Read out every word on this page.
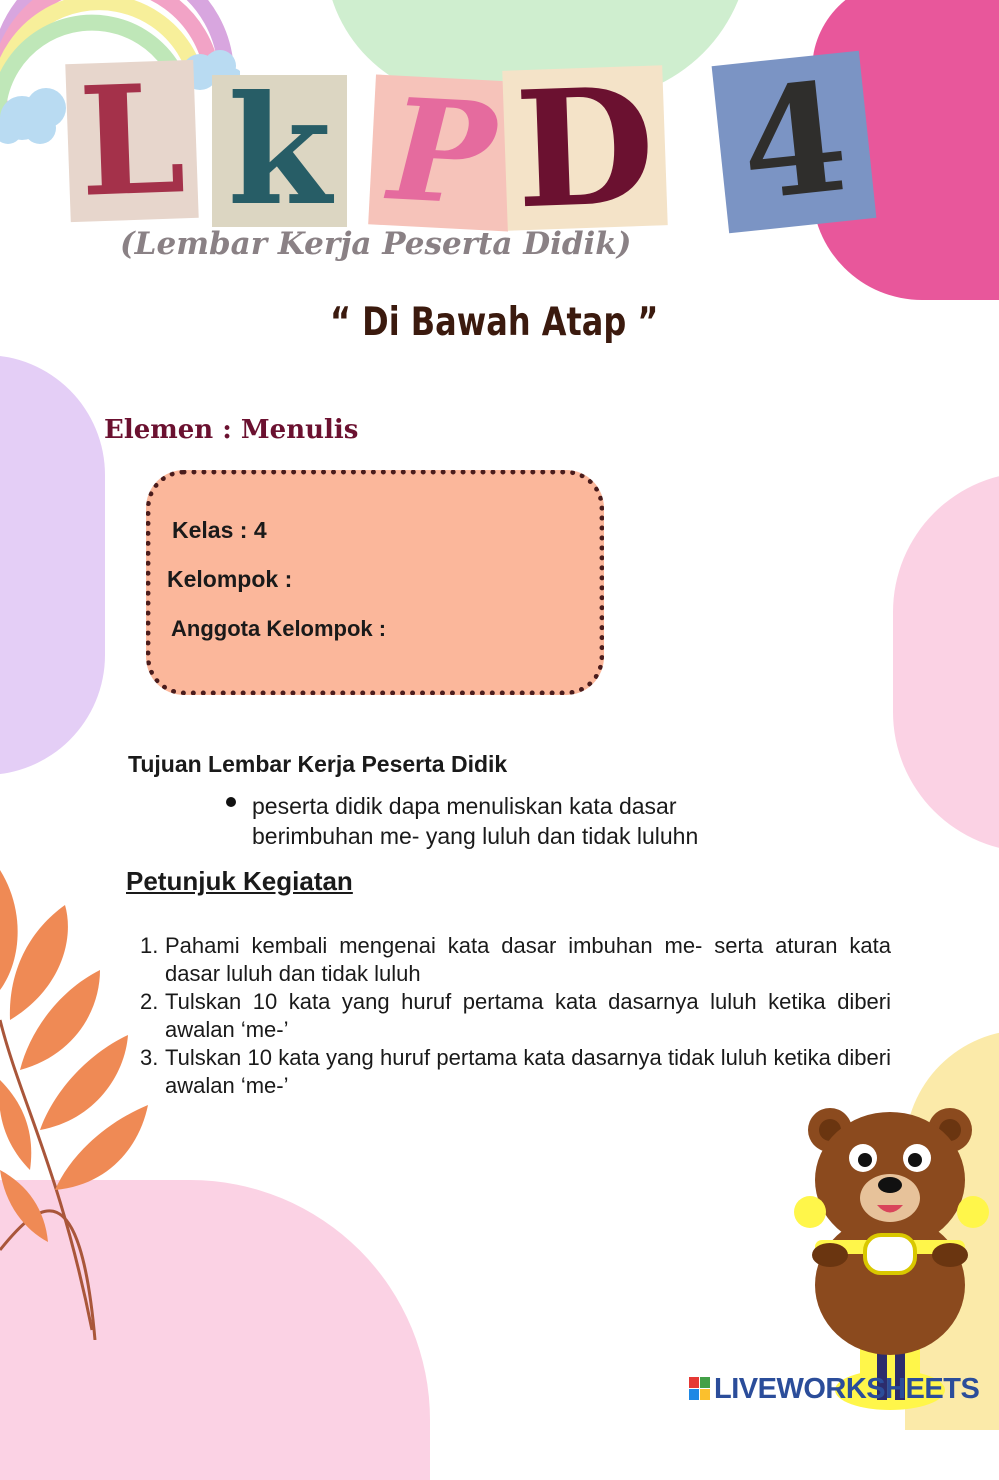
L k P D 4
(Lembar Kerja Peserta Didik)
“ Di Bawah Atap ”
Elemen : Menulis
Kelas : 4
Kelompok :
Anggota Kelompok :
Tujuan Lembar Kerja Peserta Didik
peserta didik dapa menuliskan kata dasar berimbuhan me- yang luluh dan tidak luluhn
Petunjuk Kegiatan
1. Pahami kembali mengenai kata dasar imbuhan me- serta aturan kata dasar luluh dan tidak luluh
2. Tulskan 10 kata yang huruf pertama kata dasarnya luluh ketika diberi awalan ‘me-’
3. Tulskan 10 kata yang huruf pertama kata dasarnya tidak luluh ketika diberi awalan ‘me-’
LIVEWORKSHEETS
